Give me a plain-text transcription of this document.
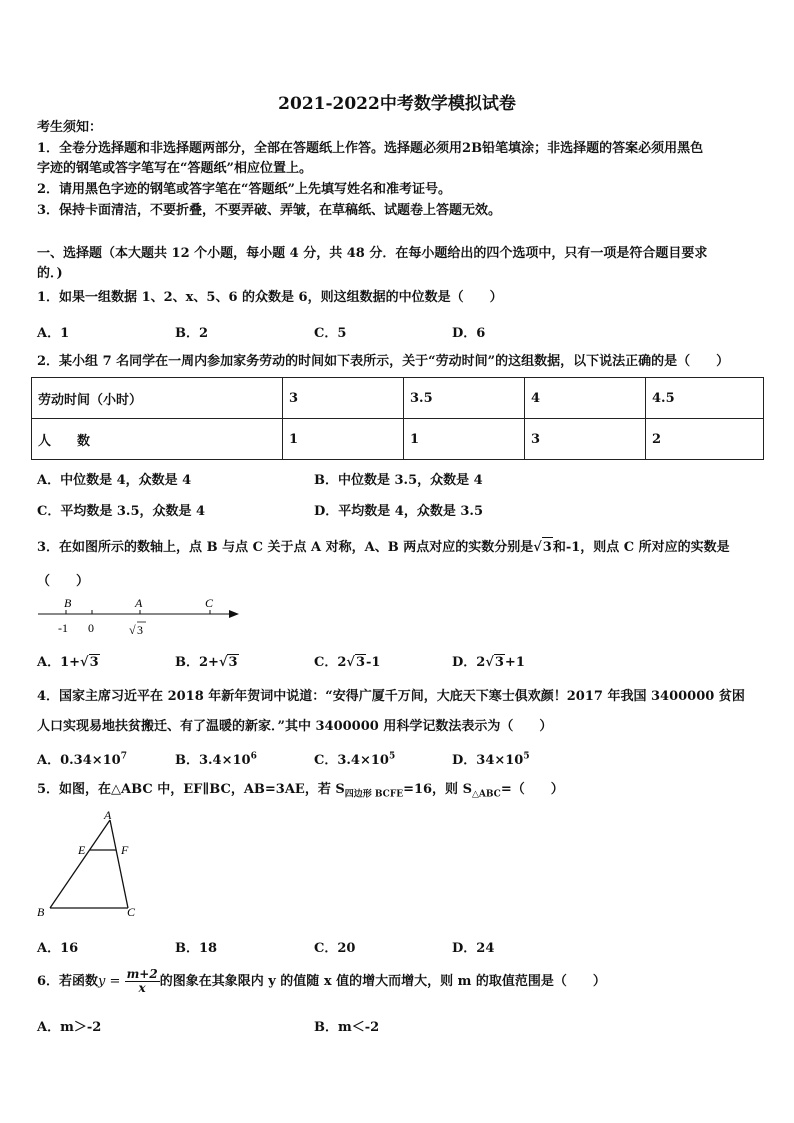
2021-2022中考数学模拟试卷
考生须知：
1．全卷分选择题和非选择题两部分，全部在答题纸上作答。选择题必须用2B铅笔填涂；非选择题的答案必须用黑色
字迹的钢笔或答字笔写在“答题纸”相应位置上。
2．请用黑色字迹的钢笔或答字笔在“答题纸”上先填写姓名和准考证号。
3．保持卡面清洁，不要折叠，不要弄破、弄皱，在草稿纸、试题卷上答题无效。
一、选择题（本大题共 12 个小题，每小题 4 分，共 48 分．在每小题给出的四个选项中，只有一项是符合题目要求
的．)
1．如果一组数据 1、2、x、5、6 的众数是 6，则这组数据的中位数是（　　）
A．1	B．2	C．5	D．6
2．某小组 7 名同学在一周内参加家务劳动的时间如下表所示，关于“劳动时间”的这组数据，以下说法正确的是（　　）
劳动时间（小时）	3	3.5	4	4.5
人　　数	1	1	3	2
A．中位数是 4，众数是 4	B．中位数是 3.5，众数是 4
C．平均数是 3.5，众数是 4	D．平均数是 4，众数是 3.5
3．在如图所示的数轴上，点 B 与点 C 关于点 A 对称，A、B 两点对应的实数分别是√3和-1，则点 C 所对应的实数是
（　　）
B	A	C
-1 0	√ 3
A．1+√3	B．2+√3	C．2√3-1	D．2√3+1
4．国家主席习近平在 2018 年新年贺词中说道：“安得广厦千万间，大庇天下寒士俱欢颜！2017 年我国 3400000 贫困
人口实现易地扶贫搬迁、有了温暖的新家．”其中 3400000 用科学记数法表示为（　　）
A．$0.34\times 10^7$	B．$3.4\times 10^6$	C．$3.4\times 10^5$	D．$34\times 10^5$
5．如图，在△ABC 中，EF∥BC，AB=3AE，若 $S_{四边形 BCFE}=16$，则 $S_{\triangle ABC}=$（　　）
A
E	F
B	C
A．16	B．18	C．20	D．24
6．若函数$y = \frac{m+2}{x}$ 的图象在其象限内 y 的值随 x 值的增大而增大，则 m 的取值范围是（　　）
A．m＞-2	B．m＜-2
